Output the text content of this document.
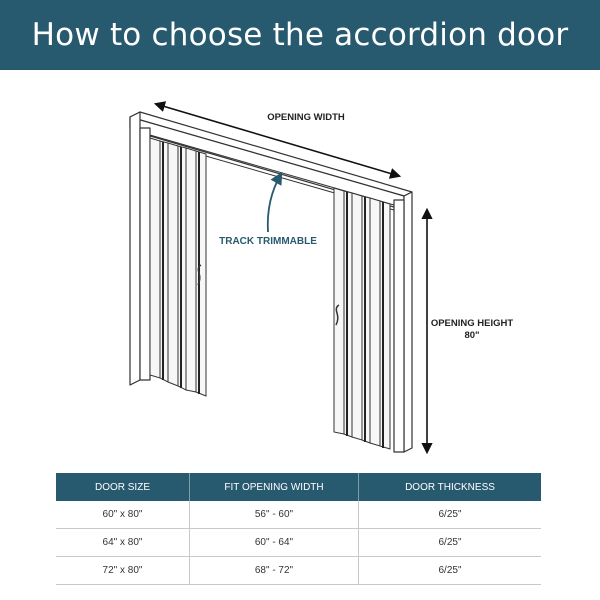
How to choose the accordion door
OPENING WIDTH
TRACK TRIMMABLE
OPENING HEIGHT
80"
DOOR SIZE	FIT OPENING WIDTH	DOOR THICKNESS
60" x 80"	56" - 60"	6/25"
64" x 80"	60" - 64"	6/25"
72" x 80"	68" - 72"	6/25"
